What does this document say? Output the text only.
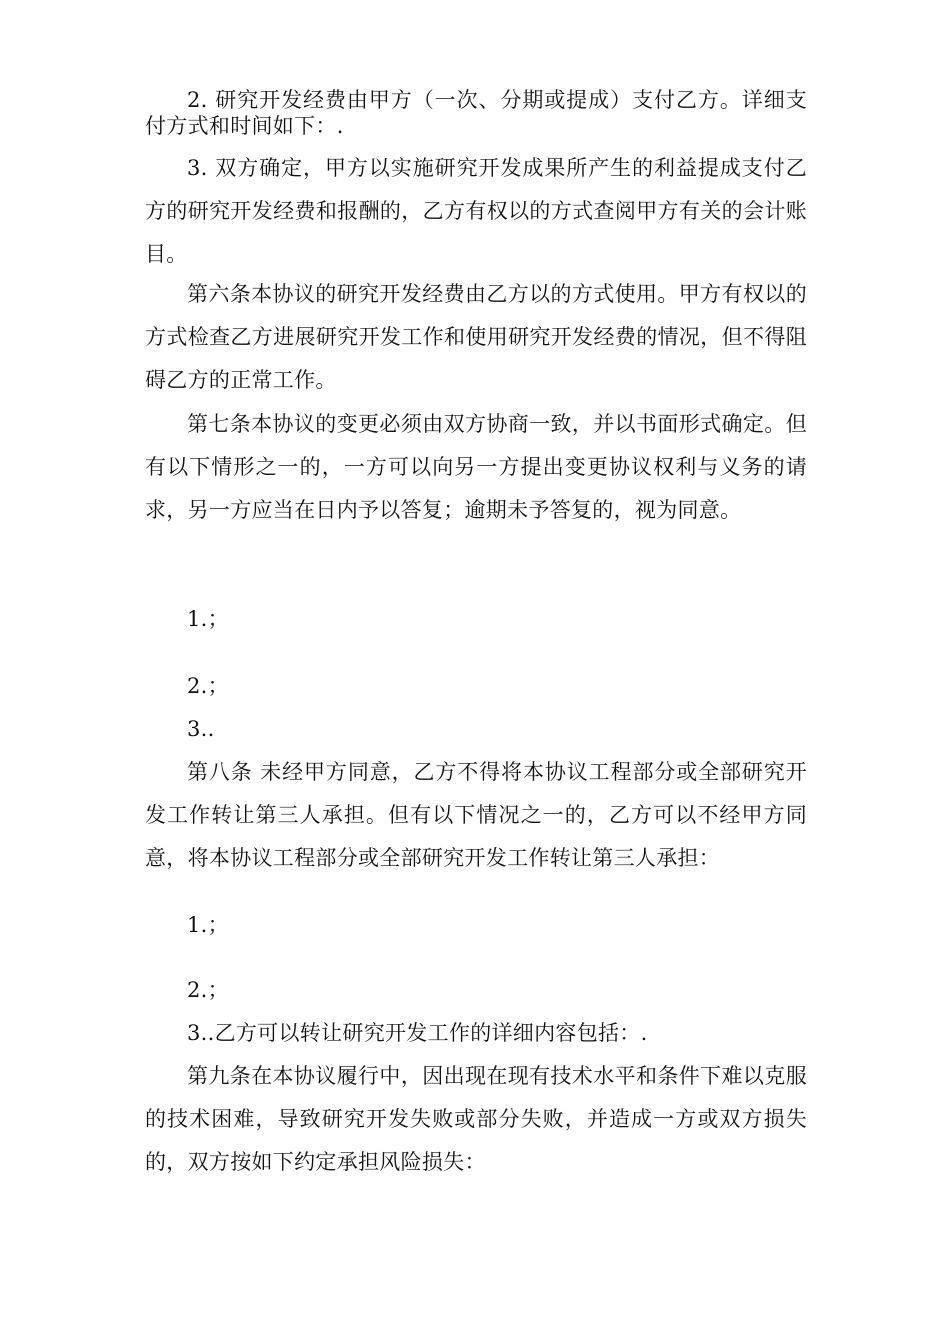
2. 研究开发经费由甲方（一次、分期或提成）支付乙方。详细支付方式和时间如下：.

3. 双方确定，甲方以实施研究开发成果所产生的利益提成支付乙方的研究开发经费和报酬的，乙方有权以的方式查阅甲方有关的会计账目。

第六条本协议的研究开发经费由乙方以的方式使用。甲方有权以的方式检查乙方进展研究开发工作和使用研究开发经费的情况，但不得阻碍乙方的正常工作。

第七条本协议的变更必须由双方协商一致，并以书面形式确定。但有以下情形之一的，一方可以向另一方提出变更协议权利与义务的请求，另一方应当在日内予以答复；逾期未予答复的，视为同意。

1.；

2.；

3..

第八条 未经甲方同意，乙方不得将本协议工程部分或全部研究开发工作转让第三人承担。但有以下情况之一的，乙方可以不经甲方同意，将本协议工程部分或全部研究开发工作转让第三人承担：

1.；

2.；

3..乙方可以转让研究开发工作的详细内容包括：.

第九条在本协议履行中，因出现在现有技术水平和条件下难以克服的技术困难，导致研究开发失败或部分失败，并造成一方或双方损失的，双方按如下约定承担风险损失：
